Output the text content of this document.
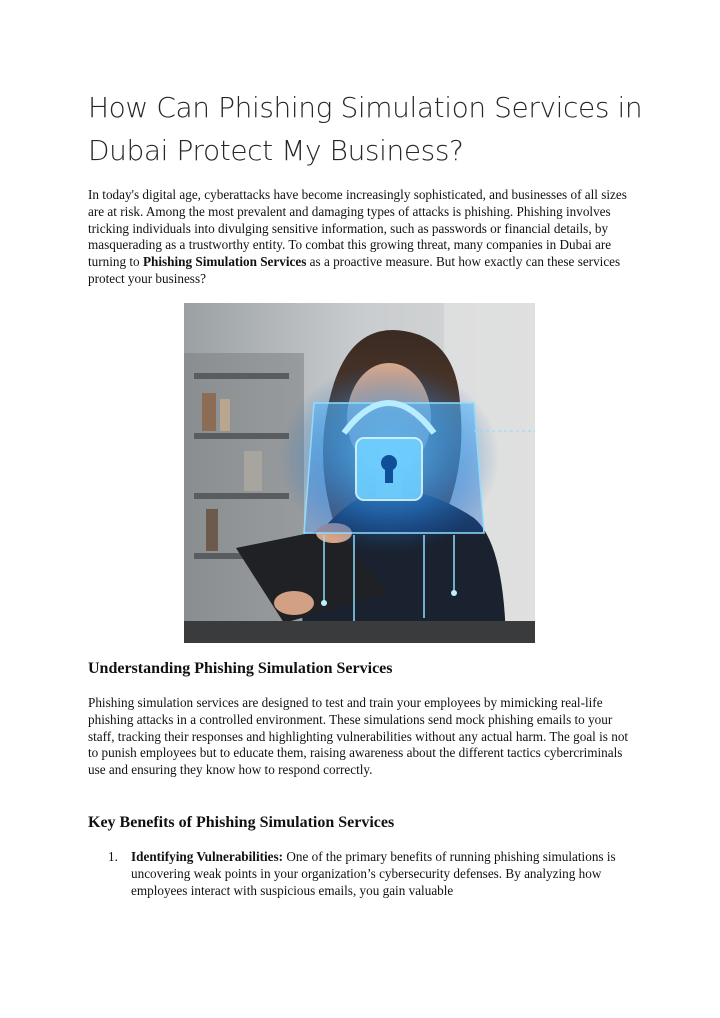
How Can Phishing Simulation Services in Dubai Protect My Business?

In today's digital age, cyberattacks have become increasingly sophisticated, and businesses of all sizes are at risk. Among the most prevalent and damaging types of attacks is phishing. Phishing involves tricking individuals into divulging sensitive information, such as passwords or financial details, by masquerading as a trustworthy entity. To combat this growing threat, many companies in Dubai are turning to Phishing Simulation Services as a proactive measure. But how exactly can these services protect your business?

Understanding Phishing Simulation Services

Phishing simulation services are designed to test and train your employees by mimicking real-life phishing attacks in a controlled environment. These simulations send mock phishing emails to your staff, tracking their responses and highlighting vulnerabilities without any actual harm. The goal is not to punish employees but to educate them, raising awareness about the different tactics cybercriminals use and ensuring they know how to respond correctly.

Key Benefits of Phishing Simulation Services
1. Identifying Vulnerabilities: One of the primary benefits of running phishing simulations is uncovering weak points in your organization’s cybersecurity defenses. By analyzing how employees interact with suspicious emails, you gain valuable
